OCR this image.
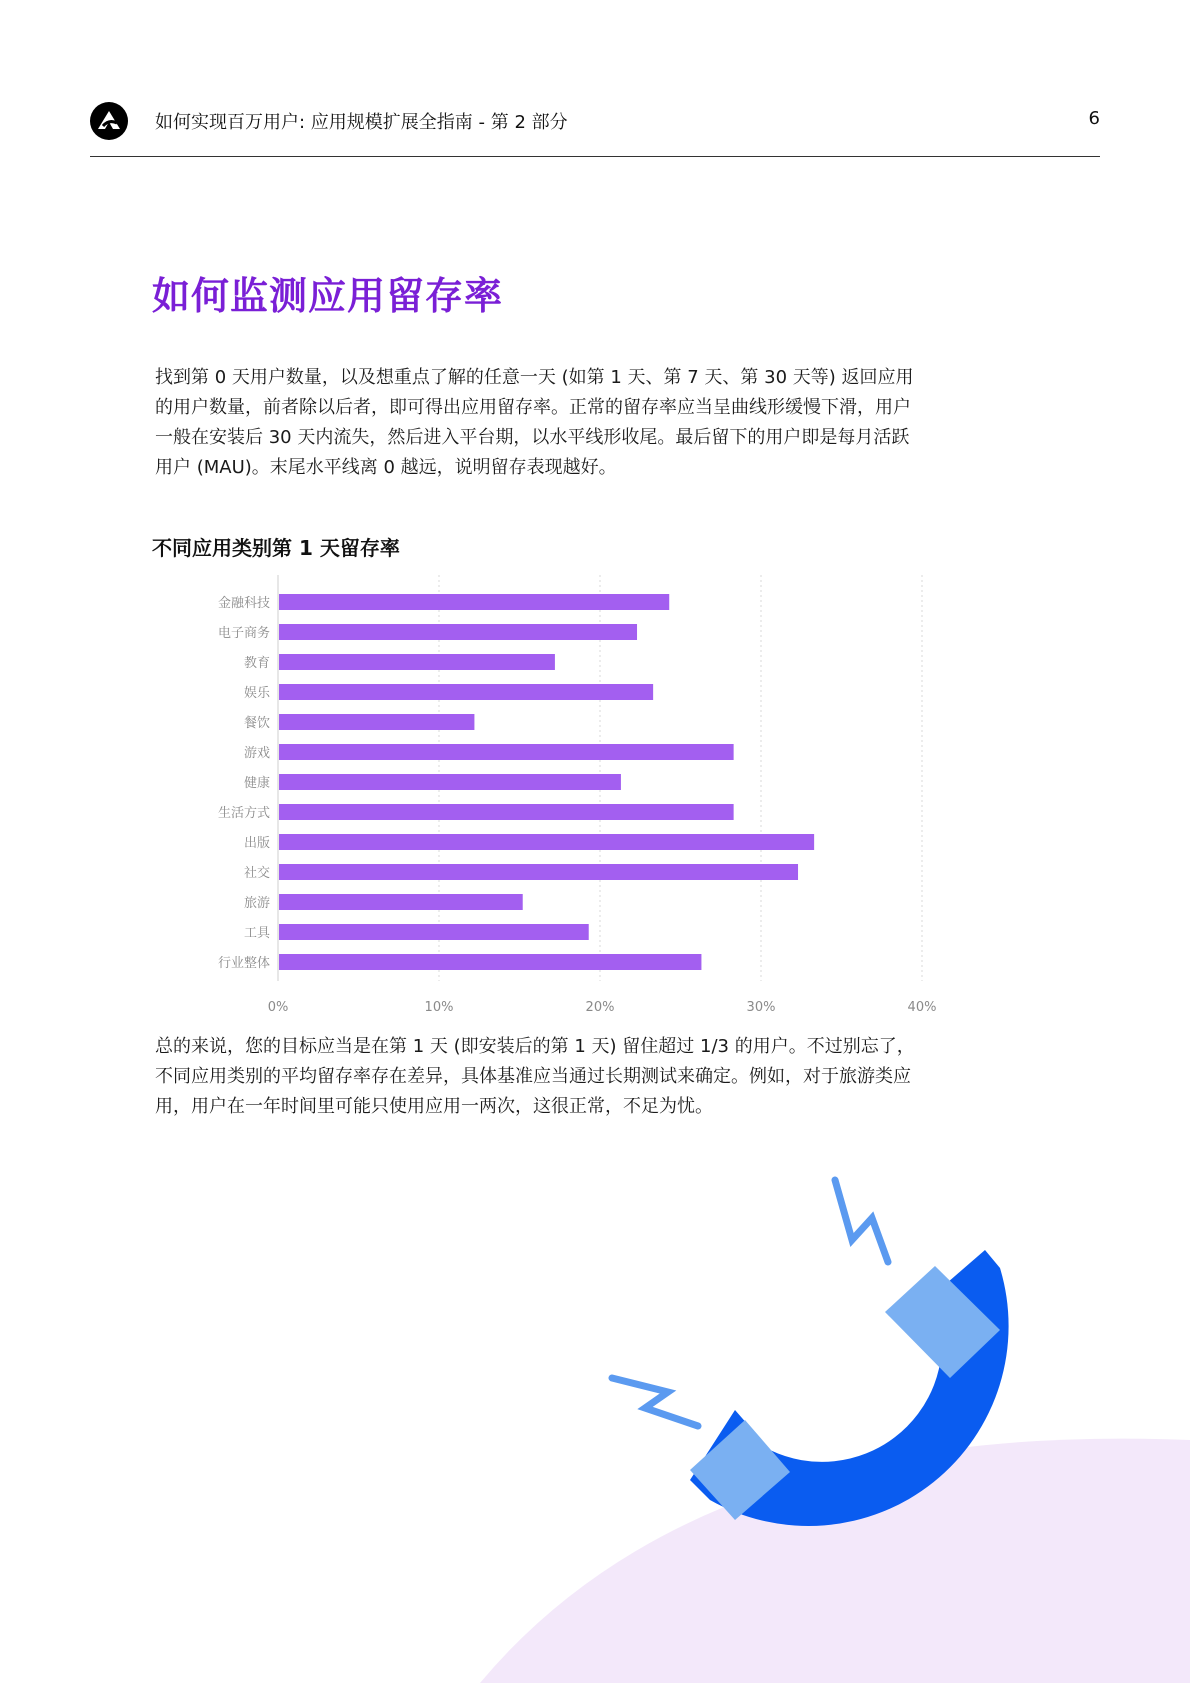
如何实现百万用户: 应用规模扩展全指南 - 第 2 部分	6
如何监测应用留存率
找到第 0 天用户数量，以及想重点了解的任意一天 (如第 1 天、第 7 天、第 30 天等) 返回应用的用户数量，前者除以后者，即可得出应用留存率。正常的留存率应当呈曲线形缓慢下滑，用户一般在安装后 30 天内流失，然后进入平台期，以水平线形收尾。最后留下的用户即是每月活跃用户 (MAU)。末尾水平线离 0 越远，说明留存表现越好。
不同应用类别第 1 天留存率
0%	10%	20%	30%	40%
金融科技
电子商务
教育
娱乐
餐饮
游戏
健康
生活方式
出版
社交
旅游
工具
行业整体
总的来说，您的目标应当是在第 1 天 (即安装后的第 1 天) 留住超过 1/3 的用户。不过别忘了，不同应用类别的平均留存率存在差异，具体基准应当通过长期测试来确定。例如，对于旅游类应用，用户在一年时间里可能只使用应用一两次，这很正常，不足为忧。
